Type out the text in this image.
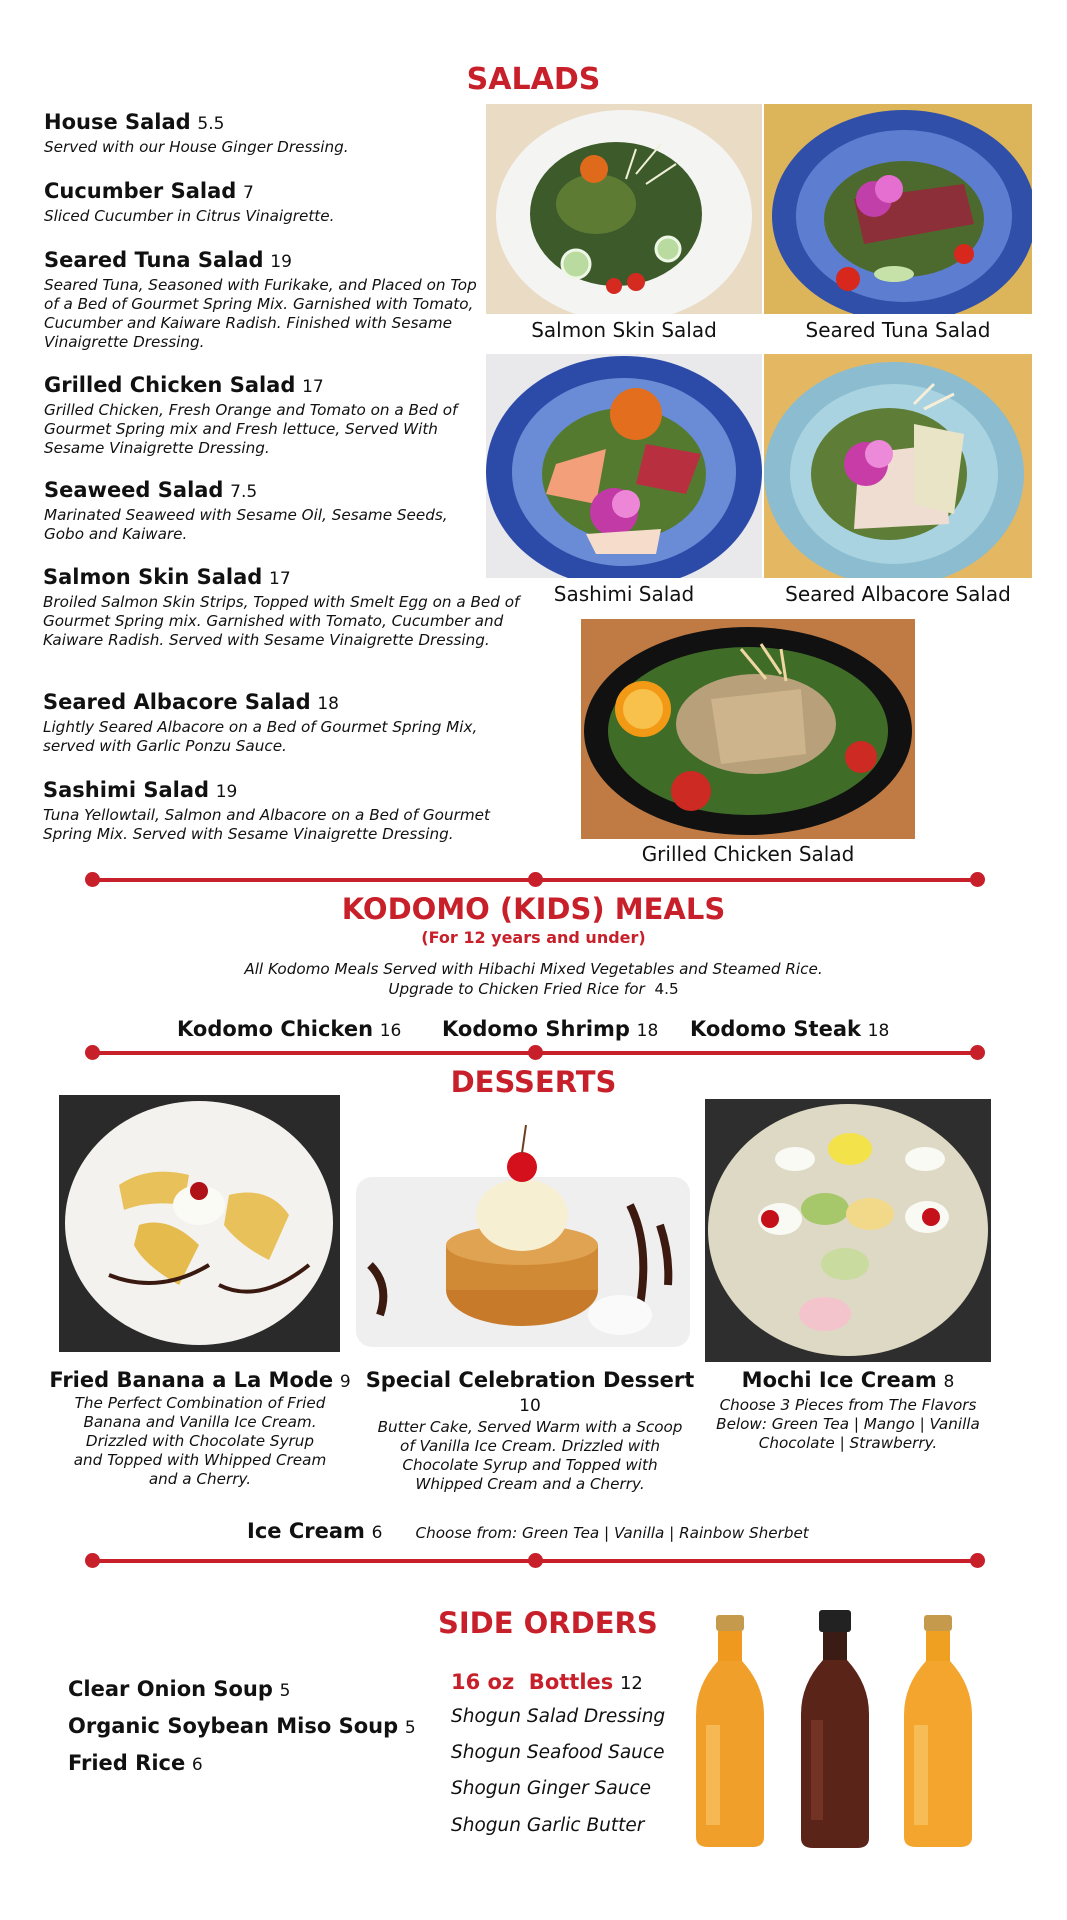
SALADS
House Salad 5.5
Served with our House Ginger Dressing.
Cucumber Salad 7
Sliced Cucumber in Citrus Vinaigrette.
Seared Tuna Salad 19
Seared Tuna, Seasoned with Furikake, and Placed on Top of a Bed of Gourmet Spring Mix. Garnished with Tomato, Cucumber and Kaiware Radish. Finished with Sesame Vinaigrette Dressing.
Grilled Chicken Salad 17
Grilled Chicken, Fresh Orange and Tomato on a Bed of Gourmet Spring mix and Fresh lettuce, Served With Sesame Vinaigrette Dressing.
Seaweed Salad 7.5
Marinated Seaweed with Sesame Oil, Sesame Seeds, Gobo and Kaiware.
Salmon Skin Salad 17
Broiled Salmon Skin Strips, Topped with Smelt Egg on a Bed of Gourmet Spring mix. Garnished with Tomato, Cucumber and Kaiware Radish. Served with Sesame Vinaigrette Dressing.
Seared Albacore Salad 18
Lightly Seared Albacore on a Bed of Gourmet Spring Mix, served with Garlic Ponzu Sauce.
Sashimi Salad 19
Tuna Yellowtail, Salmon and Albacore on a Bed of Gourmet Spring Mix. Served with Sesame Vinaigrette Dressing.
Salmon Skin Salad	Seared Tuna Salad
Sashimi Salad	Seared Albacore Salad
Grilled Chicken Salad
KODOMO (KIDS) MEALS
(For 12 years and under)
All Kodomo Meals Served with Hibachi Mixed Vegetables and Steamed Rice.
Upgrade to Chicken Fried Rice for 4.5
Kodomo Chicken 16 Kodomo Shrimp 18 Kodomo Steak 18
DESSERTS
Fried Banana a La Mode 9
The Perfect Combination of Fried Banana and Vanilla Ice Cream. Drizzled with Chocolate Syrup and Topped with Whipped Cream and a Cherry.
Special Celebration Dessert 10
Butter Cake, Served Warm with a Scoop of Vanilla Ice Cream. Drizzled with Chocolate Syrup and Topped with Whipped Cream and a Cherry.
Mochi Ice Cream 8
Choose 3 Pieces from The Flavors Below: Green Tea | Mango | Vanilla Chocolate | Strawberry.
Ice Cream 6 Choose from: Green Tea | Vanilla | Rainbow Sherbet
SIDE ORDERS
Clear Onion Soup 5
Organic Soybean Miso Soup 5
Fried Rice 6
16 oz  Bottles 12
Shogun Salad Dressing
Shogun Seafood Sauce
Shogun Ginger Sauce
Shogun Garlic Butter
